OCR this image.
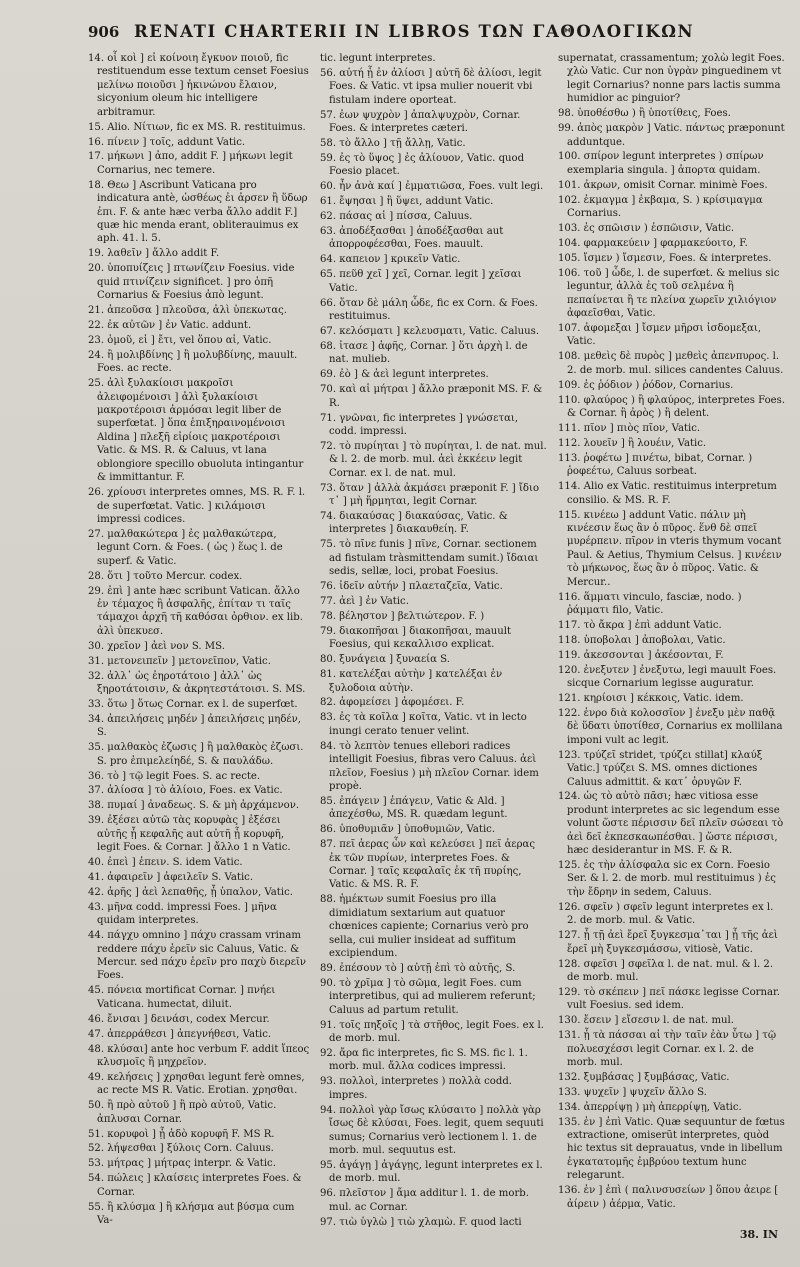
906 RENATI CHARTERII IN LIBROS ΤΩΝ ΓΑΘΟΛΟΓΙΚΩΝ

14. οἷ κοὶ ] εἰ κοίνοιη ἔγκυον ποιοῦ, fic restituendum esse textum censet Foesius μελίνω ποιοῦσι ] ἠκινώνου ἔλαιον, sicyonium oleum hic intelligere arbitramur.

15. Alio. Νίτιων, fic ex MS. R. restituimus.

16. πίνειν ] τοῖς, addunt Vatic.

17. μήκωνι ] ἀπο, addit F. ] μήκωνι legit Cornarius, nec temere.

18. Θεω ] Ascribunt Vaticana pro indicatura antè, ὡσθέως ἐι ἀρσεν ἢ ὕδωρ ἐπι. F. & ante hæc verba ἄλλο addit F.] quæ hic menda erant, obliterauimus ex aph. 41. l. 5.

19. λαθεῖν ] ἄλλο addit F.

20. ὑποπυίζεις ] πτωνίζειν Foesius. vide quid πτινίζειν significet. ] pro ὁπῆ Cornarius & Foesius ἀπὸ legunt.

21. ἀπεοῦσα ] πλεοῦσα, ἀλὶ ὑπεκωτας.

22. ἐκ αὐτῶν ] ἐν Vatic. addunt.

23. ὁμοῦ, εἰ ] ἔτι, vel ὅπου αἱ, Vatic.

24. ἢ μολιβδίνης ] ἢ μολυβδίνης, mauult. Foes. ac recte.

25. ἀλὶ ξυλακίοισι μακροῖσι ἀλειφομένοισι ] ἀλὶ ξυλακίοισι μακροτέροισι ἀρμόσαι legit liber de superfœtat. ] ὅπα ἐπιξηραινομένοισι Aldina ] πλεξῆ εἰρίοις μακροτέροισι Vatic. & MS. R. & Caluus, vt lana oblongiore specillo obuoluta intingantur & immittantur. F.

26. χρίουσι interpretes omnes, MS. R. F. l. de superfœtat. Vatic. ] κιλάμοισι impressi codices.

27. μαλθακώτερα ] ἐς μαλθακώτερα, legunt Corn. & Foes. ( ὡς ) ἕως l. de superf. & Vatic.

28. ὅτι ] τοῦτο Mercur. codex.

29. ἐπὶ ] ante hæc scribunt Vatican. ἄλλο ἐν τέμαχος ἢ ἀσφαλῆς, ἐπίταν τι ταῖς τάμαχοι ἀρχῆ τῆ καθόσαι ὀρθιον. ex lib. ἀλὶ ὑπεκυεσ.

30. χρεῖον ] ἀεὶ νον S. MS.

31. μετονειπεῖν ] μετονεῖπον, Vatic.

32. ἀλλ᾽ ὡς ἐηροτάτοιο ] ἀλλ᾽ ὡς ξηροτάτοισιν, & ἀκρητεστάτοισι. S. MS.

33. ὅτω ] ὅτως Cornar. ex l. de superfœt.

34. ἀπειλήσεις μηδέν ] ἀπειλήσεις μηδέν, S.

35. μαλθακὸς ἐζωσις ] ἢ μαλθακὸς ἐζωσι. S. pro ἐπιμελείηδέ, S. & παυλάδω.

36. τὸ ] τῷ legit Foes. S. ac recte.

37. ἀλίοσα ] τὸ ἀλίοιο, Foes. ex Vatic.

38. πυμαί ] ἀναδεως. S. & μὴ ἀρχάμενον.

39. ἐξέσει αὐτῶ τὰς κορυφὰς ] ἐξέσει αὐτῆς ᾗ κεφαλῆς aut αὐτῆ ᾗ κορυφῆ, legit Foes. & Cornar. ] ἄλλο 1 n Vatic.

40. ἐπεὶ ] ἐπειν. S. idem Vatic.

41. ἀφαιρεῖν ] ἀφειλεῖν S. Vatic.

42. ἀρῆς ] ἀεὶ λεπαθῆς, ᾗ ὑπαλον, Vatic.

43. μῆνα codd. impressi Foes. ] μῆνα quidam interpretes.

44. πάγχυ omnino ] πάχυ crassam vrinam reddere πάχυ ἐρεῖν sic Caluus, Vatic. & Mercur. sed πάχυ ἐρεῖν pro παχὺ διερεῖν Foes.

45. πόνεια mortificat Cornar. ] πνήει Vaticana. humectat, diluit.

46. ἔνισαι ] δεινάσι, codex Mercur.

47. ἀπερράθεσι ] ἀπεγνήθεσι, Vatic.

48. κλύσαι] ante hoc verbum F. addit ἴπεος κλυσμοῖς ἢ μηχρεῖον.

49. κελήσεις ] χρησθαι legunt ferè omnes, ac recte MS R. Vatic. Erotian. χρησθαι.

50. ἢ πρὸ αὐτοῦ ] ἢ πρὸ αὐτοῦ, Vatic. ἀπλυσαι Cornar.

51. κορυφοὶ ] ᾗ ἀδὸ κορυφῆ F. MS R.

52. λήψεσθαι ] ξύλοις Corn. Caluus.

53. μήτρας ] μήτρας interpr. & Vatic.

54. πώλεις ] κλαίσεις interpretes Foes. & Cornar.

55. ἢ κλύσμα ] ἢ κλήσμα aut βύσμα cum Va-

tic. legunt interpretes.

56. αὐτή ᾗ ἐν ἀλίοσι ] αὐτῆ δὲ ἀλίοσι, legit Foes. & Vatic. vt ipsa mulier nouerit vbi fistulam indere oporteat.

57. ἐων ψυχρὸν ] ἀπαλψυχρὸν, Cornar. Foes. & interpretes cæteri.

58. τὸ ἄλλο ] τῇ ἄλλῃ, Vatic.

59. ἐς τὸ ὕψος ] ἐς ἀλίουον, Vatic. quod Foesio placet.

60. ἦν ἀνὰ καί ] ἐμματιῶσα, Foes. vult legi.

61. ἔψησαι ] ἢ ὕψει, addunt Vatic.

62. πάσας αἱ ] πίσσα, Caluus.

63. ἀποδέξασθαι ] ἀποδέξασθαι aut ἀπορροφέεσθαι, Foes. mauult.

64. καπειον ] κρικεῖν Vatic.

65. πεῦθ χεῖ ] χεῖ, Cornar. legit ] χεῖσαι Vatic.

66. ὅταν δὲ μάλη ὧδε, fic ex Corn. & Foes. restituimus.

67. κελόσματι ] κελευσματι, Vatic. Caluus.

68. ἰτασε ] ἀφῆς, Cornar. ] ὅτι ἀρχὴ l. de nat. mulieb.

69. ἐὸ ] & ἀεὶ legunt interpretes.

70. καὶ αἱ μήτραι ] ἄλλο præponit MS. F. & R.

71. γνῶναι, fic interpretes ] γνώσεται, codd. impressi.

72. τὸ πυρίηται ] τὸ πυρίηται, l. de nat. mul. & l. 2. de morb. mul. ἀεὶ ἐκκέειν legit Cornar. ex l. de nat. mul.

73. ὅταν ] ἀλλὰ ἀκμάσει præponit F. ] ἴδιο τ᾽ ] μὴ ἥρμηται, legit Cornar.

74. διακαύσας ] διακαύσας, Vatic. & interpretes ] διακαυθείη. F.

75. τὸ πῖνε funis ] πῖνε, Cornar. sectionem ad fistulam tràsmittendam sumit.) ἴδαιαι sedis, sellæ, loci, probat Foesius.

76. ἰδεῖν αὐτήν ] πλαεταζεῖα, Vatic.

77. ἀεὶ ] ἐν Vatic.

78. βέληστον ] βελτιώτερον. F. )

79. διακοπῆσαι ] διακοπῆσαι, mauult Foesius, qui κεκαλλισο explicat.

80. ξυνάγεια ] ξυναεία S.

81. κατελέξαι αὐτὴν ] κατελέξαι ἐν ξυλοδοια αὐτὴν.

82. ἀφομείσει ] ἀφομέσει. F.

83. ἐς τὰ κοῖλα ] κοῖτα, Vatic. vt in lecto inungi cerato tenuer velint.

84. τὸ λεπτὸν tenues ellebori radices intelligit Foesius, fibras vero Caluus. ἀεὶ πλεῖον, Foesius ) μὴ πλεῖον Cornar. idem propè.

85. ἐπάγειν ] ἐπάγειν, Vatic & Ald. ] ἀπεχέσθω, MS. R. quædam legunt.

86. ὑποθυμιᾶν ] ὑποθυμιῶν, Vatic.

87. πεῖ ἀερας ὧν καὶ κελεύσει ] πεῖ ἀερας ἐκ τῶν πυρίων, interpretes Foes. & Cornar. ] ταῖς κεφαλαῖς ἐκ τῆ πυρίης, Vatic. & MS. R. F.

88. ἡμέκτων sumit Foesius pro illa dimidiatum sextarium aut quatuor chœnices capiente; Cornarius verò pro sella, cui mulier insideat ad suffitum excipiendum.

89. ἐπέσουν τὸ ] αὐτῇ ἐπὶ τὸ αὐτῆς, S.

90. τὸ χρῖμα ] τὸ σῶμα, legit Foes. cum interpretibus, qui ad mulierem referunt; Caluus ad partum retulit.

91. τοῖς πηξοῖς ] τὰ στῆθος, legit Foes. ex l. de morb. mul.

92. ἄρα fic interpretes, fic S. MS. fic l. 1. morb. mul. ἄλλα codices impressi.

93. πολλοὶ, interpretes ) πολλὰ codd. impres.

94. πολλοὶ γὰρ ἴσως κλύσαιτο ] πολλὰ γὰρ ἴσως δὲ κλύσαι, Foes. legit, quem sequuti sumus; Cornarius verò lectionem l. 1. de morb. mul. sequutus est.

95. ἀγάγῃ ] ἀγάγῃς, legunt interpretes ex l. de morb. mul.

96. πλεῖστον ] ἄμα additur l. 1. de morb. mul. ac Cornar.

97. τιὼ ὑγλὼ ] τιὼ χλαμὼ. F. quod lacti

supernatat, crassamentum; χολὼ legit Foes. χλὼ Vatic. Cur non ὑγρὰν pinguedinem vt legit Cornarius? nonne pars lactis summa humidior ac pinguior?

98. ὑποθέσθω ) ἢ ὑποτίθεις, Foes.

99. ἀπὸς μακρὸν ] Vatic. πάντως præponunt adduntque.

100. σπίρον legunt interpretes ) σπίρων exemplaria singula. ] ἀπορτα quidam.

101. ἀκρων, omisit Cornar. minimè Foes.

102. ἐκμαγμα ] ἐκβαμα, S. ) κρίσιμαγμα Cornarius.

103. ἐς σπῶισιν ) ἐσπῶισιν, Vatic.

104. φαρμακεύειν ] φαρμακεύοιτο, F.

105. ἴσμεν ) ἴσμεσιν, Foes. & interpretes.

106. τοῦ ] ὧδε, l. de superfœt. & melius sic leguntur, ἀλλὰ ἐς τοῦ σελμένα ἢ πεπαίνεται ἢ τε πλείνα χωρεῖν χιλιόγιον ἀφαεῖσθαι, Vatic.

107. ἀφομεξαι ] ἴσμεν μῆρσι ἰσδομεξαι, Vatic.

108. μεθεὶς δὲ πυρὸς ] μεθεὶς ἀπενπυρος. l. 2. de morb. mul. silices candentes Caluus.

109. ἐς ῥόδιον ) ῥόδον, Cornarius.

110. φλαύρος ) ἢ φλαύρος, interpretes Foes. & Cornar. ἢ ἀρὸς ) ἢ delent.

111. πῖον ] πιὸς πῖον, Vatic.

112. λουεῖν ] ἢ λουέιν, Vatic.

113. ῥοφέτω ] πινέτω, bibat, Cornar. ) ῥοφεέτω, Caluus sorbeat.

114. Alio ex Vatic. restituimus interpretum consilio. & MS. R. F.

115. κινέεω ] addunt Vatic. πάλιν μὴ κινέεσιν ἕως ἂν ὁ πῦρος. ἕνθ δὲ σπεῖ μυρέρπειν. πῖρον in vteris thymum vocant Paul. & Aetius, Thymium Celsus. ] κινέειν τὸ μήκωνος, ἕως ἂν ὁ πῦρος. Vatic. & Mercur..

116. ἅμματι vinculo, fasciæ, nodo. ) ῥάμματι filo, Vatic.

117. τὸ ἄκρα ] ἐπὶ addunt Vatic.

118. ὑποβολαι ] ἀποβολαι, Vatic.

119. ἀκεσσονται ] ἀκέσονται, F.

120. ἐνεξυτεν ] ἐνεξυτω, legi mauult Foes. sicque Cornarium legisse auguratur.

121. κηρίοισι ] κέκκοις, Vatic. idem.

122. ἐνρο διὰ κολοσσῖον ] ἐνεξυ μὲν παθᾷ δὲ ὕδατι ὑποτίθεσ, Cornarius ex mollilana imponi vult ac legit.

123. τρύζεῖ stridet, τρύζει stillat] κλαύξ Vatic.] τρύζει S. MS. omnes dictiones Caluus admittit. & κατ᾽ ὀρυγῶν F.

124. ὡς τὸ αὐτὸ πᾶσι; hæc vitiosa esse produnt interpretes ac sic legendum esse volunt ὥστε πέρισσιν δεῖ πλεῖν σώσεαι τὸ ἀεὶ δεῖ ἐκπεσκαωπέσθαι. ] ὥστε πέρισσι, hæc desiderantur in MS. F. & R.

125. ἐς τὴν ἀλίσφαλα sic ex Corn. Foesio Ser. & l. 2. de morb. mul restituimus ) ἐς τὴν ἔδρην in sedem, Caluus.

126. σφεῖν ) σφεῖν legunt interpretes ex l. 2. de morb. mul. & Vatic.

127. ᾗ τῇ ἀεὶ ἔρεῖ ξυγκεσμα᾽ται ] ᾗ τῆς ἀεὶ ἔρεῖ μὴ ξυγκεσμάσσω, vitiosè, Vatic.

128. σφεῖσι ] σφεῖλα l. de nat. mul. & l. 2. de morb. mul.

129. τὸ σκέπειν ] πεῖ πάσκε legisse Cornar. vult Foesius. sed idem.

130. ἔσειν ] εἴσεσιν l. de nat. mul.

131. ᾗ τὰ πάσσαι αἱ τὴν ταῖν ἐὰν ὗτω ] τῷ πολυεσχέσσι legit Cornar. ex l. 2. de morb. mul.

132. ξυμβάσας ] ξυμβάσας, Vatic.

133. ψυχεῖν ] ψυχεῖν ἄλλο S.

134. ἀπερρίψῃ ) μὴ ἀπερρίψῃ, Vatic.

135. ἐν ] ἐπὶ Vatic. Quæ sequuntur de fœtus extractione, omiserũt interpretes, quòd hic textus sit deprauatus, vnde in libellum ἐγκατατομῆς ἐμβρύου textum hunc relegarunt.

136. ἐν ] ἐπὶ ( παλινσυσείων ] ὅπου ἀειρε [ ἀίρειν ) ἀέρμα, Vatic.

38. IN
